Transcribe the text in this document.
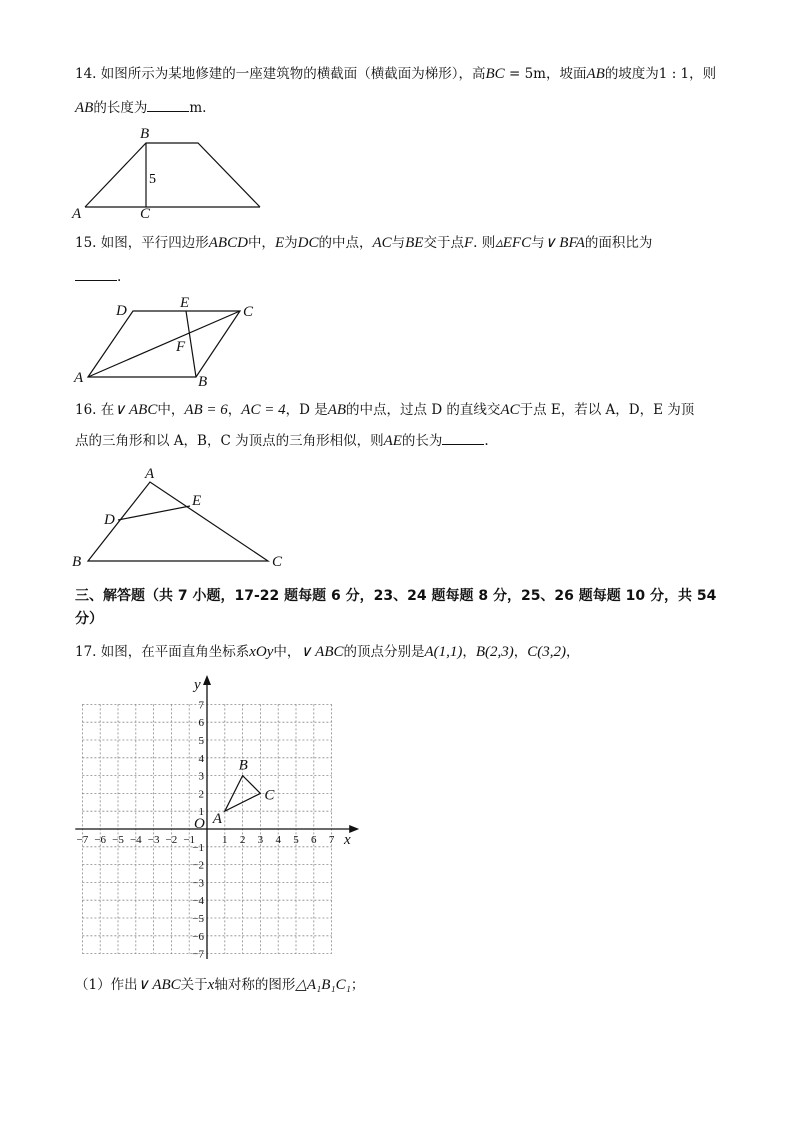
14. 如图所示为某地修建的一座建筑物的横截面（横截面为梯形），高BC = 5m，坡面AB的坡度为1 : 1，则
AB的长度为	m.
B
A	C
5
15. 如图，平行四边形ABCD中，E为DC的中点，AC与BE交于点F. 则▵EFC与∨ BFA的面积比为
.
D	E
C
F
A	B
16. 在∨ ABC中，AB = 6，AC = 4，D 是AB的中点，过点 D 的直线交AC于点 E，若以 A，D，E 为顶
点的三角形和以 A，B，C 为顶点的三角形相似，则AE的长为	.
A
E
D
B	C
三、解答题（共 7 小题，17-22 题每题 6 分，23、24 题每题 8 分，25、26 题每题 10 分，共 54
分）
17. 如图，在平面直角坐标系xOy中，∨ ABC的顶点分别是A(1,1)，B(2,3)，C(3,2)，
x
y
O
−7 −6 −5 −4 −3 −2 −1 1 2 3 4 5 6 7
7
6
5
4
3
2
1
−1
−2
−3
−4
−5
−6
−7
A
B
C
（1）作出∨ ABC关于x轴对称的图形△A₁B₁C₁；
